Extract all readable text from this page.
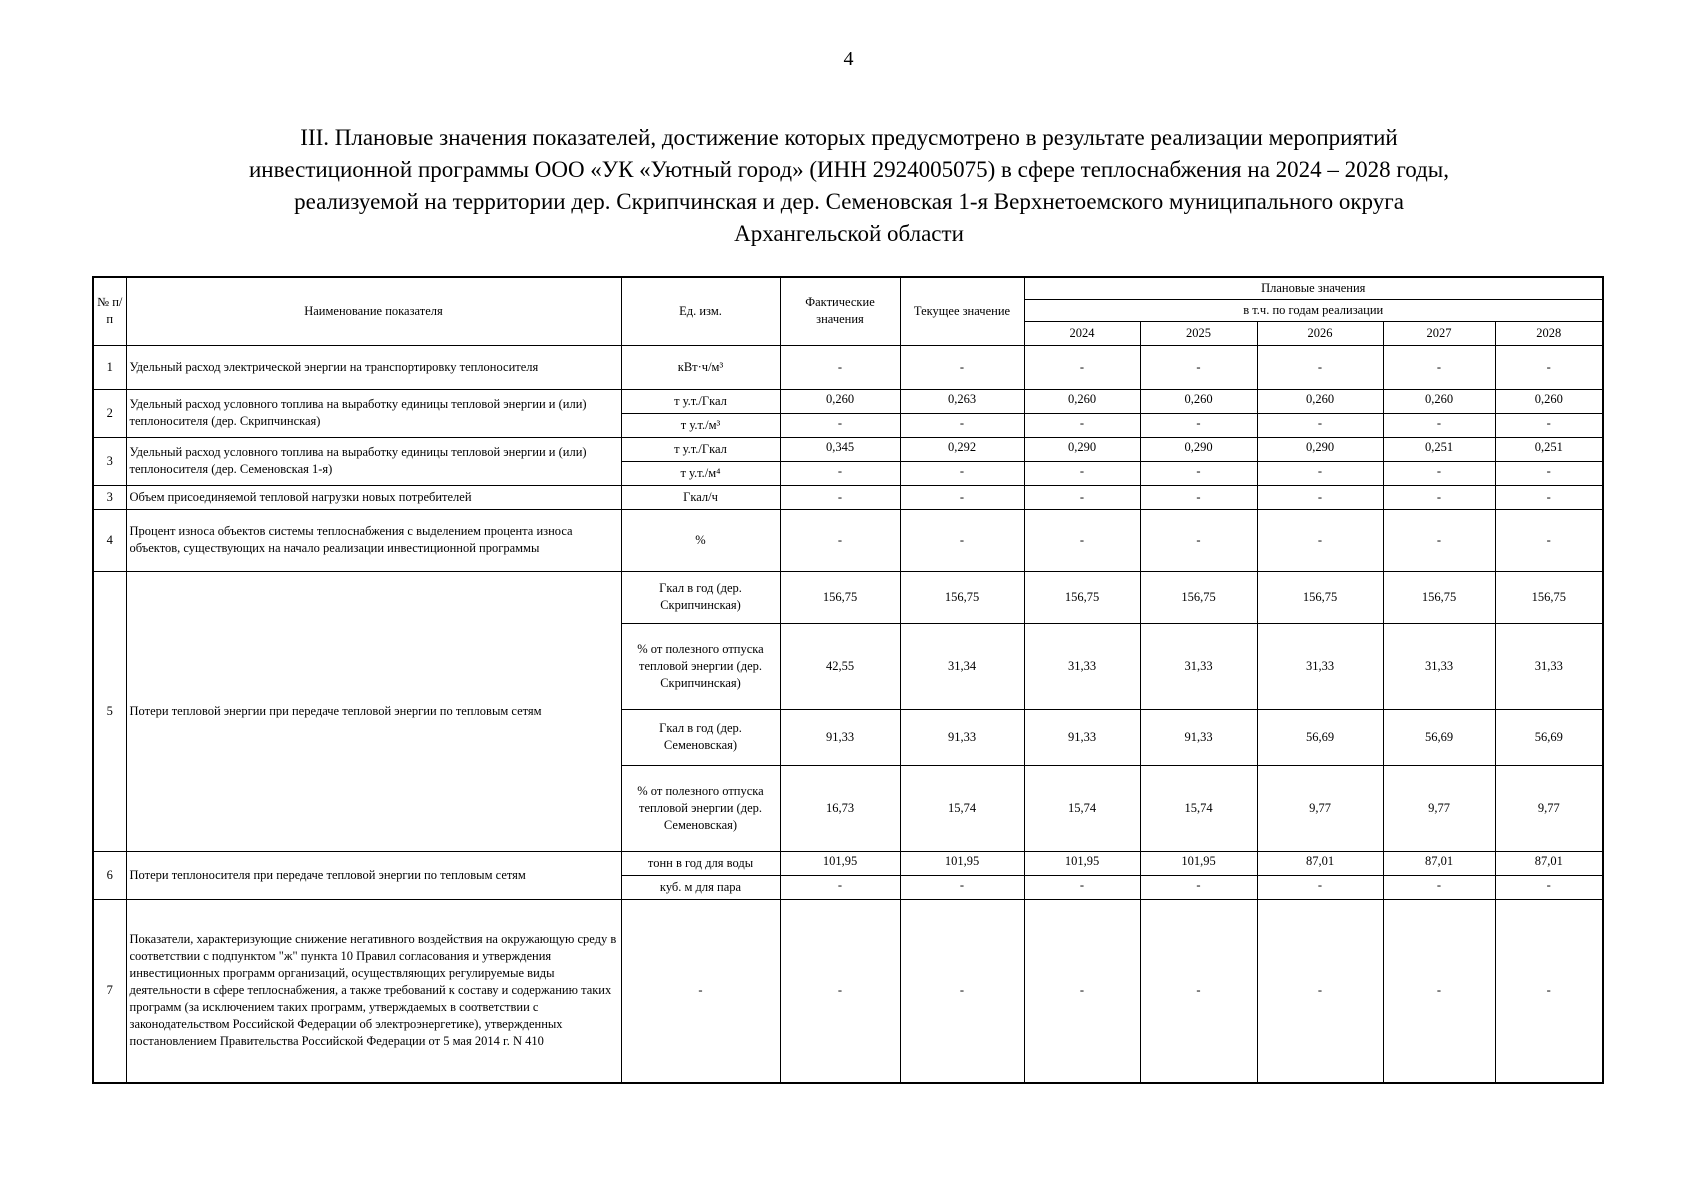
4
III. Плановые значения показателей, достижение которых предусмотрено в результате реализации мероприятий
инвестиционной программы ООО «УК «Уютный город» (ИНН 2924005075) в сфере теплоснабжения на 2024 – 2028 годы,
реализуемой на территории дер. Скрипчинская и дер. Семеновская 1-я Верхнетоемского муниципального округа
Архангельской области
№ п/п	Наименование показателя	Ед. изм.	Фактические значения	Текущее значение	Плановые значения				
					в т.ч. по годам реализации				
					2024	2025	2026	2027	2028
1	Удельный расход электрической энергии на транспортировку теплоносителя	кВт·ч/м³	-	-	-	-	-	-	-
2	Удельный расход условного топлива на выработку единицы тепловой энергии и (или) теплоносителя (дер. Скрипчинская)	т у.т./Гкал	0,260	0,263	0,260	0,260	0,260	0,260	0,260
		т у.т./м³	-	-	-	-	-	-	-
3	Удельный расход условного топлива на выработку единицы тепловой энергии и (или) теплоносителя (дер. Семеновская 1-я)	т у.т./Гкал	0,345	0,292	0,290	0,290	0,290	0,251	0,251
		т у.т./м⁴	-	-	-	-	-	-	-
3	Объем присоединяемой тепловой нагрузки новых потребителей	Гкал/ч	-	-	-	-	-	-	-
4	Процент износа объектов системы теплоснабжения с выделением процента износа объектов, существующих на начало реализации инвестиционной программы	%	-	-	-	-	-	-	-
5	Потери тепловой энергии при передаче тепловой энергии по тепловым сетям	Гкал в год (дер. Скрипчинская)	156,75	156,75	156,75	156,75	156,75	156,75	156,75
		% от полезного отпуска тепловой энергии (дер. Скрипчинская)	42,55	31,34	31,33	31,33	31,33	31,33	31,33
		Гкал в год (дер. Семеновская)	91,33	91,33	91,33	91,33	56,69	56,69	56,69
		% от полезного отпуска тепловой энергии (дер. Семеновская)	16,73	15,74	15,74	15,74	9,77	9,77	9,77
6	Потери теплоносителя при передаче тепловой энергии по тепловым сетям	тонн в год для воды	101,95	101,95	101,95	101,95	87,01	87,01	87,01
		куб. м для пара	-	-	-	-	-	-	-
7	Показатели, характеризующие снижение негативного воздействия на окружающую среду в соответствии с подпунктом "ж" пункта 10 Правил согласования и утверждения инвестиционных программ организаций, осуществляющих регулируемые виды деятельности в сфере теплоснабжения, а также требований к составу и содержанию таких программ (за исключением таких программ, утверждаемых в соответствии с законодательством Российской Федерации об электроэнергетике), утвержденных постановлением Правительства Российской Федерации от 5 мая 2014 г. N 410	-	-	-	-	-	-	-	-
